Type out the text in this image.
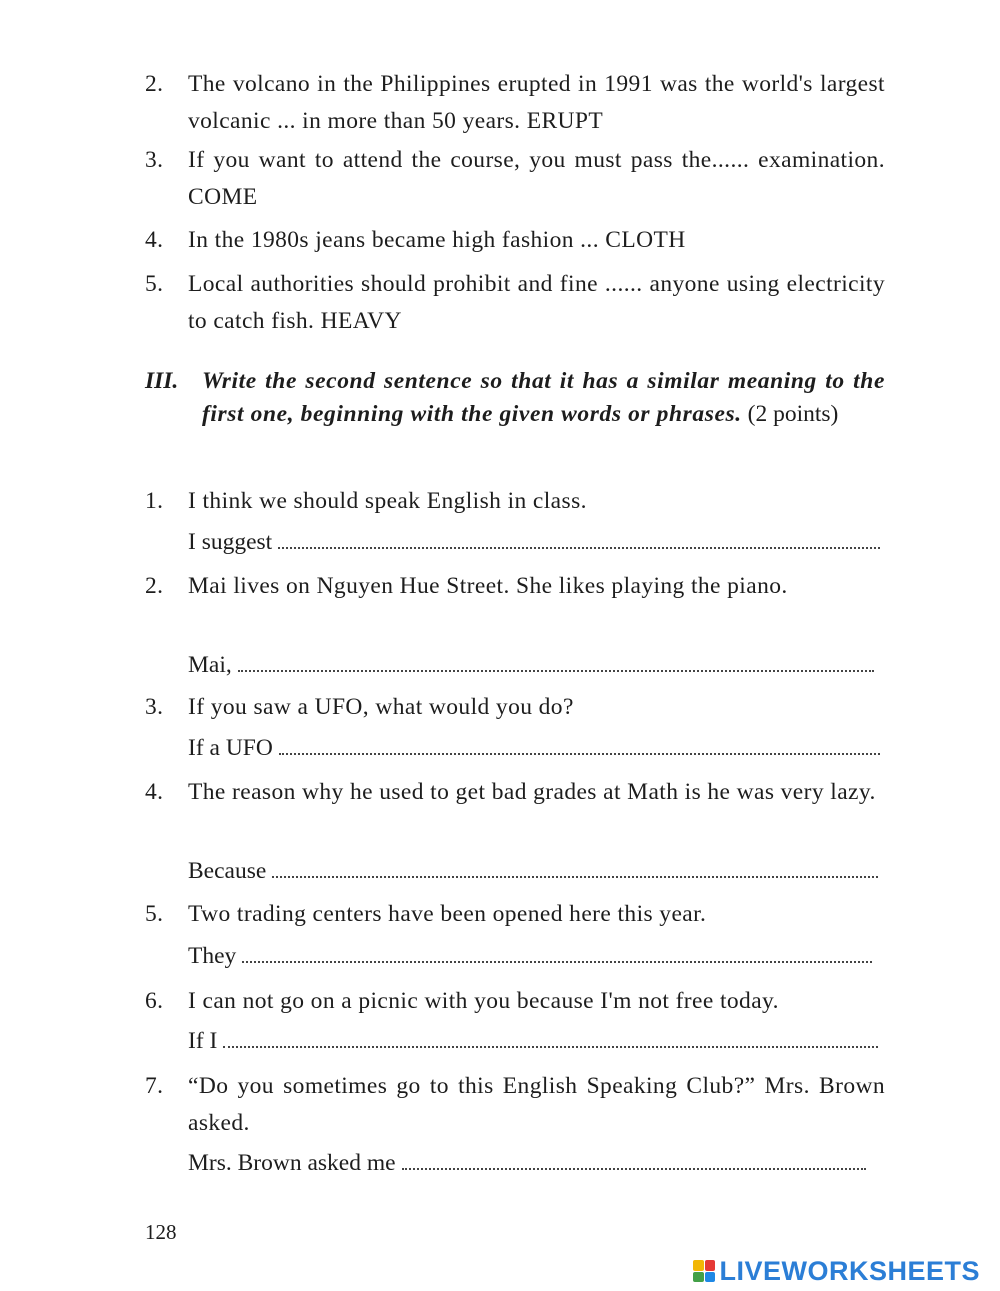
2.	The volcano in the Philippines erupted in 1991 was the world's largest volcanic ... in more than 50 years. ERUPT
3.	If you want to attend the course, you must pass the...... examination. COME
4.	In the 1980s jeans became high fashion ... CLOTH
5.	Local authorities should prohibit and fine ...... anyone using electricity to catch fish. HEAVY
III. Write the second sentence so that it has a similar meaning to the first one, beginning with the given words or phrases. (2 points)
1.	I think we should speak English in class.
I suggest
2.	Mai lives on Nguyen Hue Street. She likes playing the piano.
Mai,
3.	If you saw a UFO, what would you do?
If a UFO
4.	The reason why he used to get bad grades at Math is he was very lazy.
Because
5.	Two trading centers have been opened here this year.
They
6.	I can not go on a picnic with you because I'm not free today.
If I
7.	“Do you sometimes go to this English Speaking Club?” Mrs. Brown asked.
Mrs. Brown asked me
128
LIVEWORKSHEETS
